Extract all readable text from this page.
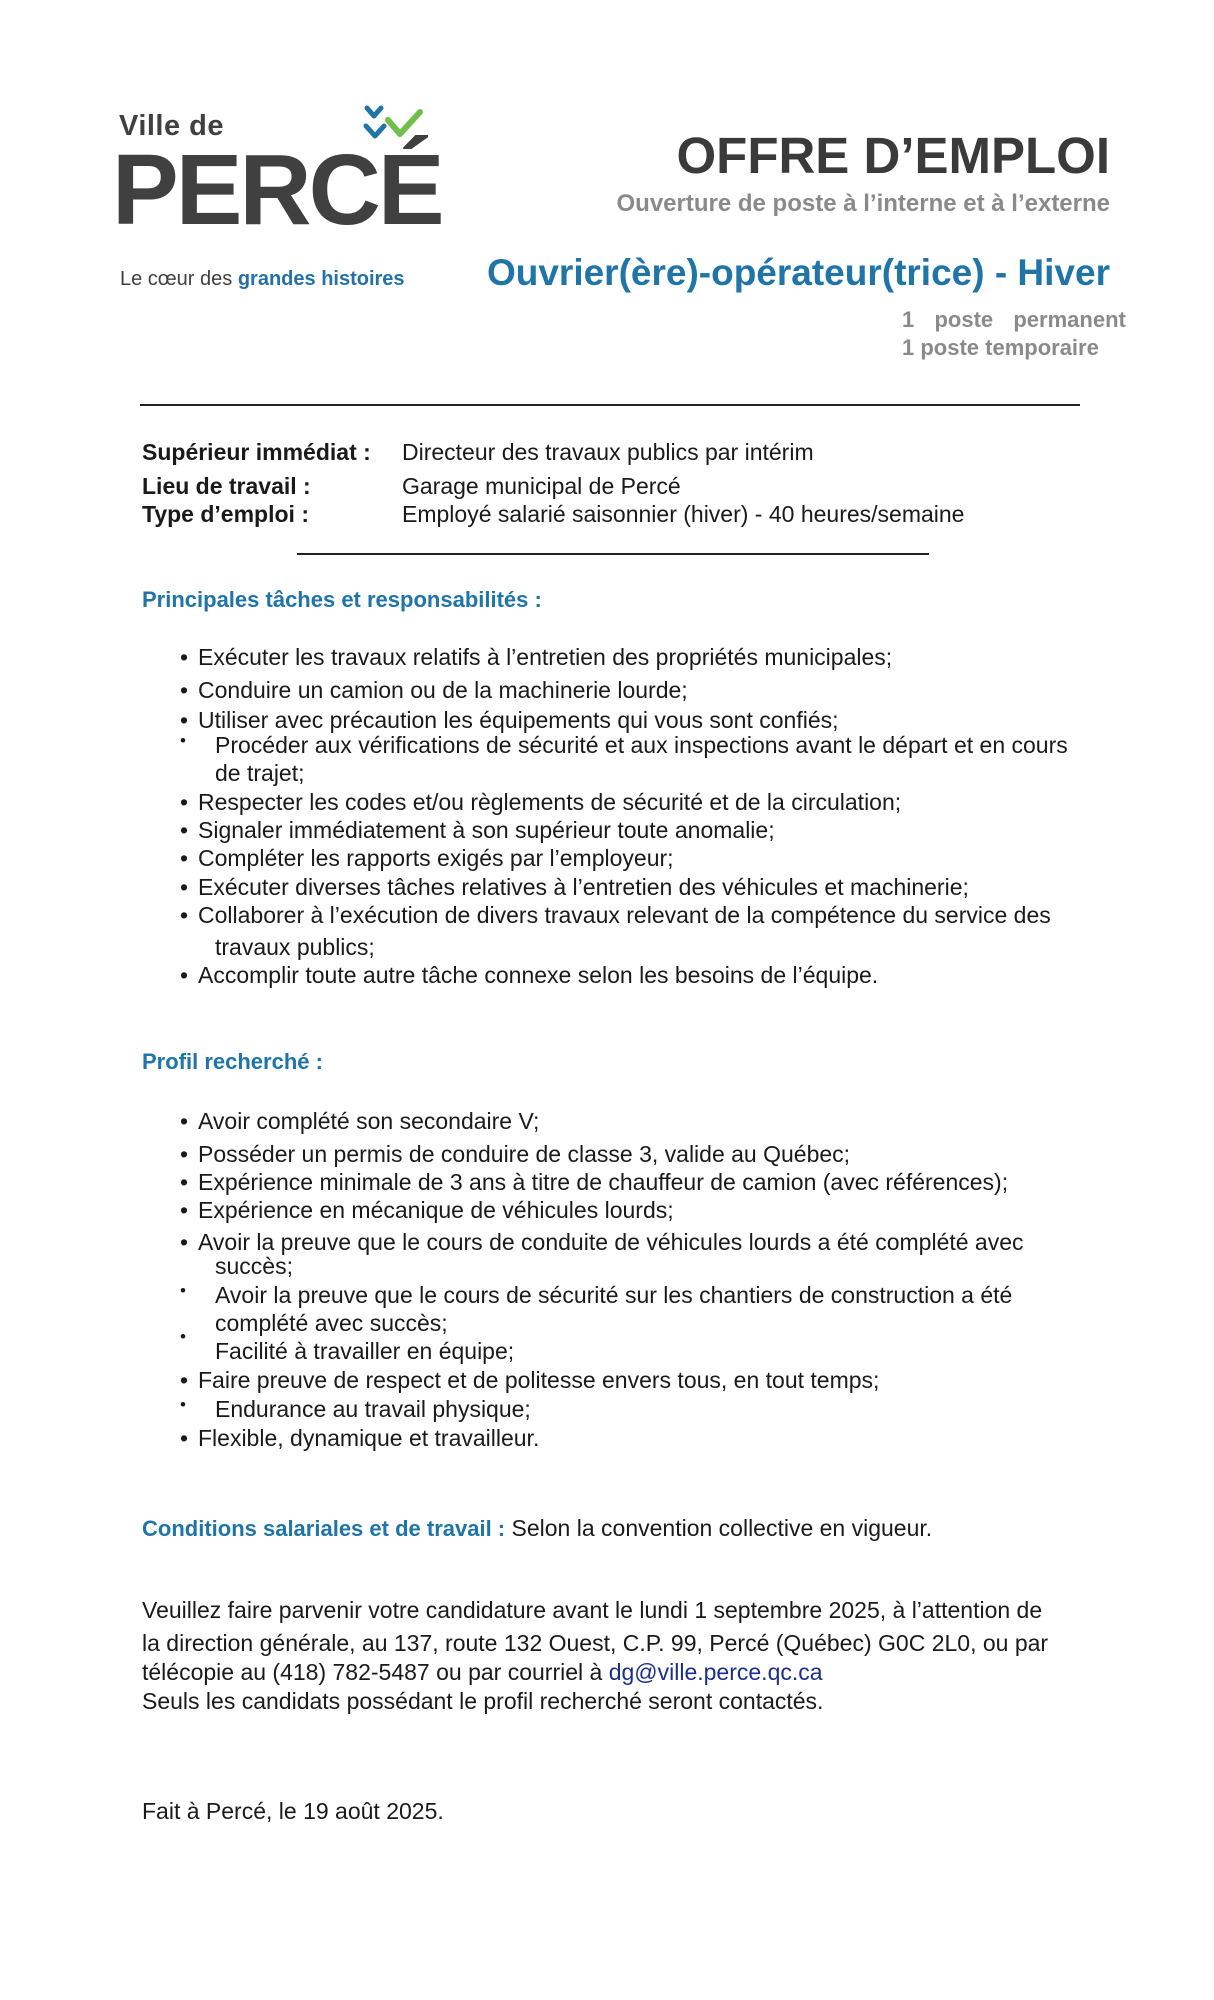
Ville de
PERCÉ
Le cœur des grandes histoires
OFFRE D’EMPLOI
Ouverture de poste à l’interne et à l’externe
Ouvrier(ère)-opérateur(trice) - Hiver
1  poste  permanent
1 poste temporaire
Supérieur immédiat : Directeur des travaux publics par intérim
Lieu de travail :	Garage municipal de Percé
Type d’emploi :	Employé salarié saisonnier (hiver) - 40 heures/semaine
Principales tâches et responsabilités :
• Exécuter les travaux relatifs à l’entretien des propriétés municipales;
• Conduire un camion ou de la machinerie lourde;
• Utiliser avec précaution les équipements qui vous sont confiés;
•	Procéder aux vérifications de sécurité et aux inspections avant le départ et en cours
de trajet;
• Respecter les codes et/ou règlements de sécurité et de la circulation;
• Signaler immédiatement à son supérieur toute anomalie;
• Compléter les rapports exigés par l’employeur;
• Exécuter diverses tâches relatives à l’entretien des véhicules et machinerie;
• Collaborer à l’exécution de divers travaux relevant de la compétence du service des
travaux publics;
• Accomplir toute autre tâche connexe selon les besoins de l’équipe.
Profil recherché :
• Avoir complété son secondaire V;
• Posséder un permis de conduire de classe 3, valide au Québec;
• Expérience minimale de 3 ans à titre de chauffeur de camion (avec références);
• Expérience en mécanique de véhicules lourds;
• Avoir la preuve que le cours de conduite de véhicules lourds a été complété avec
succès;
•	Avoir la preuve que le cours de sécurité sur les chantiers de construction a été
complété avec succès;
•
Facilité à travailler en équipe;
• Faire preuve de respect et de politesse envers tous, en tout temps;
•	Endurance au travail physique;
• Flexible, dynamique et travailleur.
Conditions salariales et de travail : Selon la convention collective en vigueur.
Veuillez faire parvenir votre candidature avant le lundi 1 septembre 2025, à l’attention de
la direction générale, au 137, route 132 Ouest, C.P. 99, Percé (Québec) G0C 2L0, ou par
télécopie au (418) 782-5487 ou par courriel à dg@ville.perce.qc.ca
Seuls les candidats possédant le profil recherché seront contactés.
Fait à Percé, le 19 août 2025.
